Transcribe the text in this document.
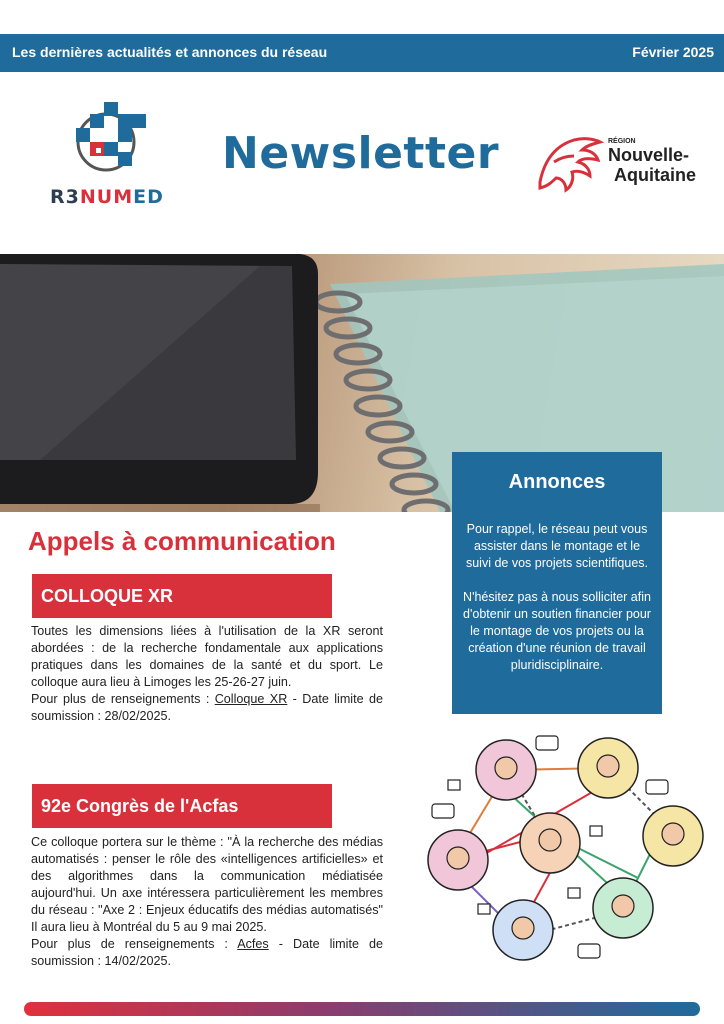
Les dernières actualités et annonces du réseau	Février 2025
R3NUMED
Newsletter	RÉGION
Nouvelle-
Aquitaine
Annonces

Pour rappel, le réseau peut vous assister dans le montage et le suivi de vos projets scientifiques.

N'hésitez pas à nous solliciter afin d'obtenir un soutien financier pour le montage de vos projets ou la création d'une réunion de travail pluridisciplinaire.

Appels à communication
COLLOQUE XR
Toutes les dimensions liées à l'utilisation de la XR seront abordées : de la recherche fondamentale aux applications pratiques dans les domaines de la santé et du sport. Le colloque aura lieu à Limoges les 25-26-27 juin.
Pour plus de renseignements : Colloque XR - Date limite de soumission : 28/02/2025.
92e Congrès de l'Acfas
Ce colloque portera sur le thème : "À la recherche des médias automatisés : penser le rôle des «intelligences artificielles» et des algorithmes dans la communication médiatisée aujourd'hui. Un axe intéressera particulièrement les membres du réseau : "Axe 2 : Enjeux éducatifs des médias automatisés" Il aura lieu à Montréal du 5 au 9 mai 2025.
Pour plus de renseignements : Acfes - Date limite de soumission : 14/02/2025.
